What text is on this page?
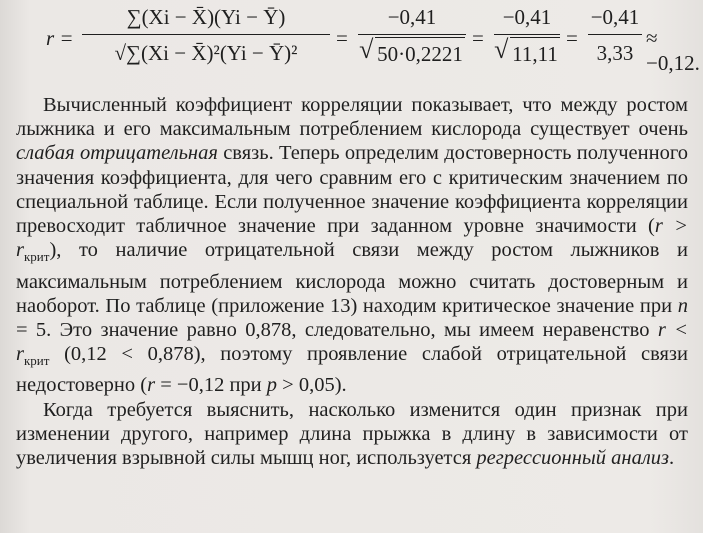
r =
∑(Xi − X̄)(Yi − Ȳ)
√∑(Xi − X̄)²(Yi − Ȳ)²
=
−0,41
√ 50·0,2221
=
−0,41
√ 11,11
=
−0,41
3,33
≈ −0,12.

Вычисленный коэффициент корреляции показывает, что между ростом лыжника и его максимальным потреблением кислорода существует очень слабая отрицательная связь. Теперь определим достоверность полученного значения коэффициента, для чего сравним его с критическим значением по специальной таблице. Если полученное значение коэффициента корреляции превосходит табличное значение при заданном уровне значимости $(r > r_{крит})$, то наличие отрицательной связи между ростом лыжников и максимальным потреблением кислорода можно считать достоверным и наоборот. По таблице (приложение 13) находим критическое значение при n = 5. Это значение равно 0,878, следовательно, мы имеем неравенство $r < r_{крит}$ (0,12 < 0,878), поэтому проявление слабой отрицательной связи недостоверно (r = −0,12 при p > 0,05).

Когда требуется выяснить, насколько изменится один признак при изменении другого, например длина прыжка в длину в зависимости от увеличения взрывной силы мышц ног, используется регрессионный анализ.
